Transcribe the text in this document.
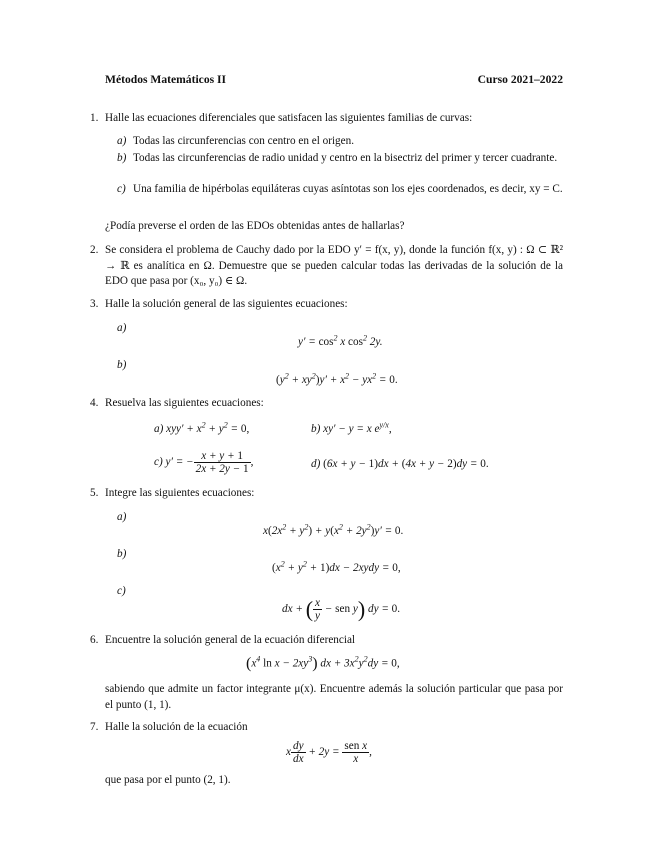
Métodos Matemáticos II	Curso 2021–2022
1. Halle las ecuaciones diferenciales que satisfacen las siguientes familias de curvas:
a) Todas las circunferencias con centro en el origen.
b) Todas las circunferencias de radio unidad y centro en la bisectriz del primer y tercer cuadrante.
c) Una familia de hipérbolas equiláteras cuyas asíntotas son los ejes coordenados, es decir, xy = C.
¿Podía preverse el orden de las EDOs obtenidas antes de hallarlas?
2. Se considera el problema de Cauchy dado por la EDO y′ = f(x, y), donde la función f(x, y) : Ω ⊂ ℝ² → ℝ es analítica en Ω. Demuestre que se pueden calcular todas las derivadas de la solución de la EDO que pasa por (x₀, y₀) ∈ Ω.
3. Halle la solución general de las siguientes ecuaciones:
a)
$y' = \cos^2 x$ $\cos^2 2y$.
b)
$(y^2 + xy^2)y' + x^2 - yx^2 = 0$.
4. Resuelva las siguientes ecuaciones:
a) $xyy' + x^2 + y^2 = 0$,	b) xy′ − y = x $e^{y/x}$,
c) y′ = − $\frac{x + y + 1}{2x + 2y - 1}$ ,	d) (6x + y − 1)dx + (4x + y − 2)dy = 0.
5. Integre las siguientes ecuaciones:
a)
$x(2x^2 + y^2) + y(x^2 + 2y^2)y' = 0$.
b)
$(x^2 + y^2 + 1)dx$ − 2xydy = 0,
c)
dx + ( $\frac{x}{y}$ − sen y) dy = 0.
6. Encuentre la solución general de la ecuación diferencial
($x^4$ $\ln x - 2xy^3$) dx + $3x^2y^2dy = 0$,
sabiendo que admite un factor integrante μ(x). Encuentre además la solución particular que pasa por el punto (1, 1).
7. Halle la solución de la ecuación
x $\frac{dy}{dx} + 2y = \frac{\text{sen x}}{x}$ ,
que pasa por el punto (2, 1).
